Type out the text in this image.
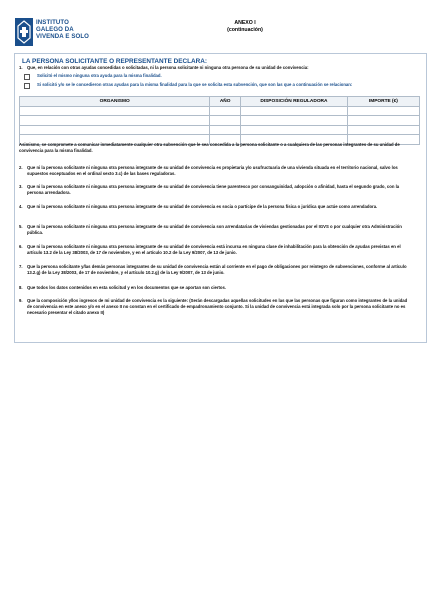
INSTITUTO
GALEGO DA
VIVENDA E SOLO
ANEXO I
(continuación)
LA PERSONA SOLICITANTE O REPRESENTANTE DECLARA:
1. Que, en relación con otras ayudas concedidas o solicitadas, ni la persona solicitante ni ninguna otra persona de su unidad de convivencia:
Solicitó el mismo ninguna otra ayuda para la misma finalidad.
Si solicitó y/o se le concedieron otras ayudas para la misma finalidad para la que se solicita esta subvención, que son las que a continuación se relacionan:
ORGANISMO	AÑO	DISPOSICIÓN REGULADORA	IMPORTE (€)

Asimismo, se compromete a comunicar inmediatamente cualquier otra subvención que le sea concedida a la persona solicitante o a cualquiera de las personas integrantes de su unidad de convivencia para la misma finalidad.
2. Que ni la persona solicitante ni ninguna otra persona integrante de su unidad de convivencia es propietaria y/o usufructuaria de una vivienda situada en el territorio nacional, salvo los supuestos exceptuados en el ordinal sexto 3.c) de las bases reguladoras.
3. Que ni la persona solicitante ni ninguna otra persona integrante de su unidad de convivencia tiene parentesco por consanguinidad, adopción o afinidad, hasta el segundo grado, con la persona arrendadora.
4. Que ni la persona solicitante ni ninguna otra persona integrante de su unidad de convivencia es socia o partícipe de la persona física o jurídica que actúe como arrendadora.
5. Que ni la persona solicitante ni ninguna otra persona integrante de su unidad de convivencia son arrendatarias de viviendas gestionadas por el IGVS o por cualquier otra Administración pública.
6. Que ni la persona solicitante ni ninguna otra persona integrante de su unidad de convivencia está incursa en ninguna clase de inhabilitación para la obtención de ayudas previstas en el artículo 13.2 de la Ley 38/2003, de 17 de noviembre, y en el artículo 10.2 de la Ley 9/2007, de 13 de junio.
7. Que la persona solicitante y/las demás personas integrantes de su unidad de convivencia están al corriente en el pago de obligaciones por reintegro de subvenciones, conforme al artículo 13.2.g) de la Ley 38/2003, de 17 de noviembre, y el artículo 10.2.g) de la Ley 9/2007, de 13 de junio.
8. Que todos los datos contenidos en esta solicitud y en los documentos que se aportan son ciertos.
9. Que la composición y/los ingresos de mi unidad de convivencia es la siguiente: (Serán descargadas aquellas solicitudes en las que las personas que figuran como integrantes de la unidad de convivencia en este anexo y/o en el anexo II no constan en el certificado de empadronamiento conjunto. Si la unidad de convivencia está integrada solo por la persona solicitante no es necesario presentar el citado anexo II)
